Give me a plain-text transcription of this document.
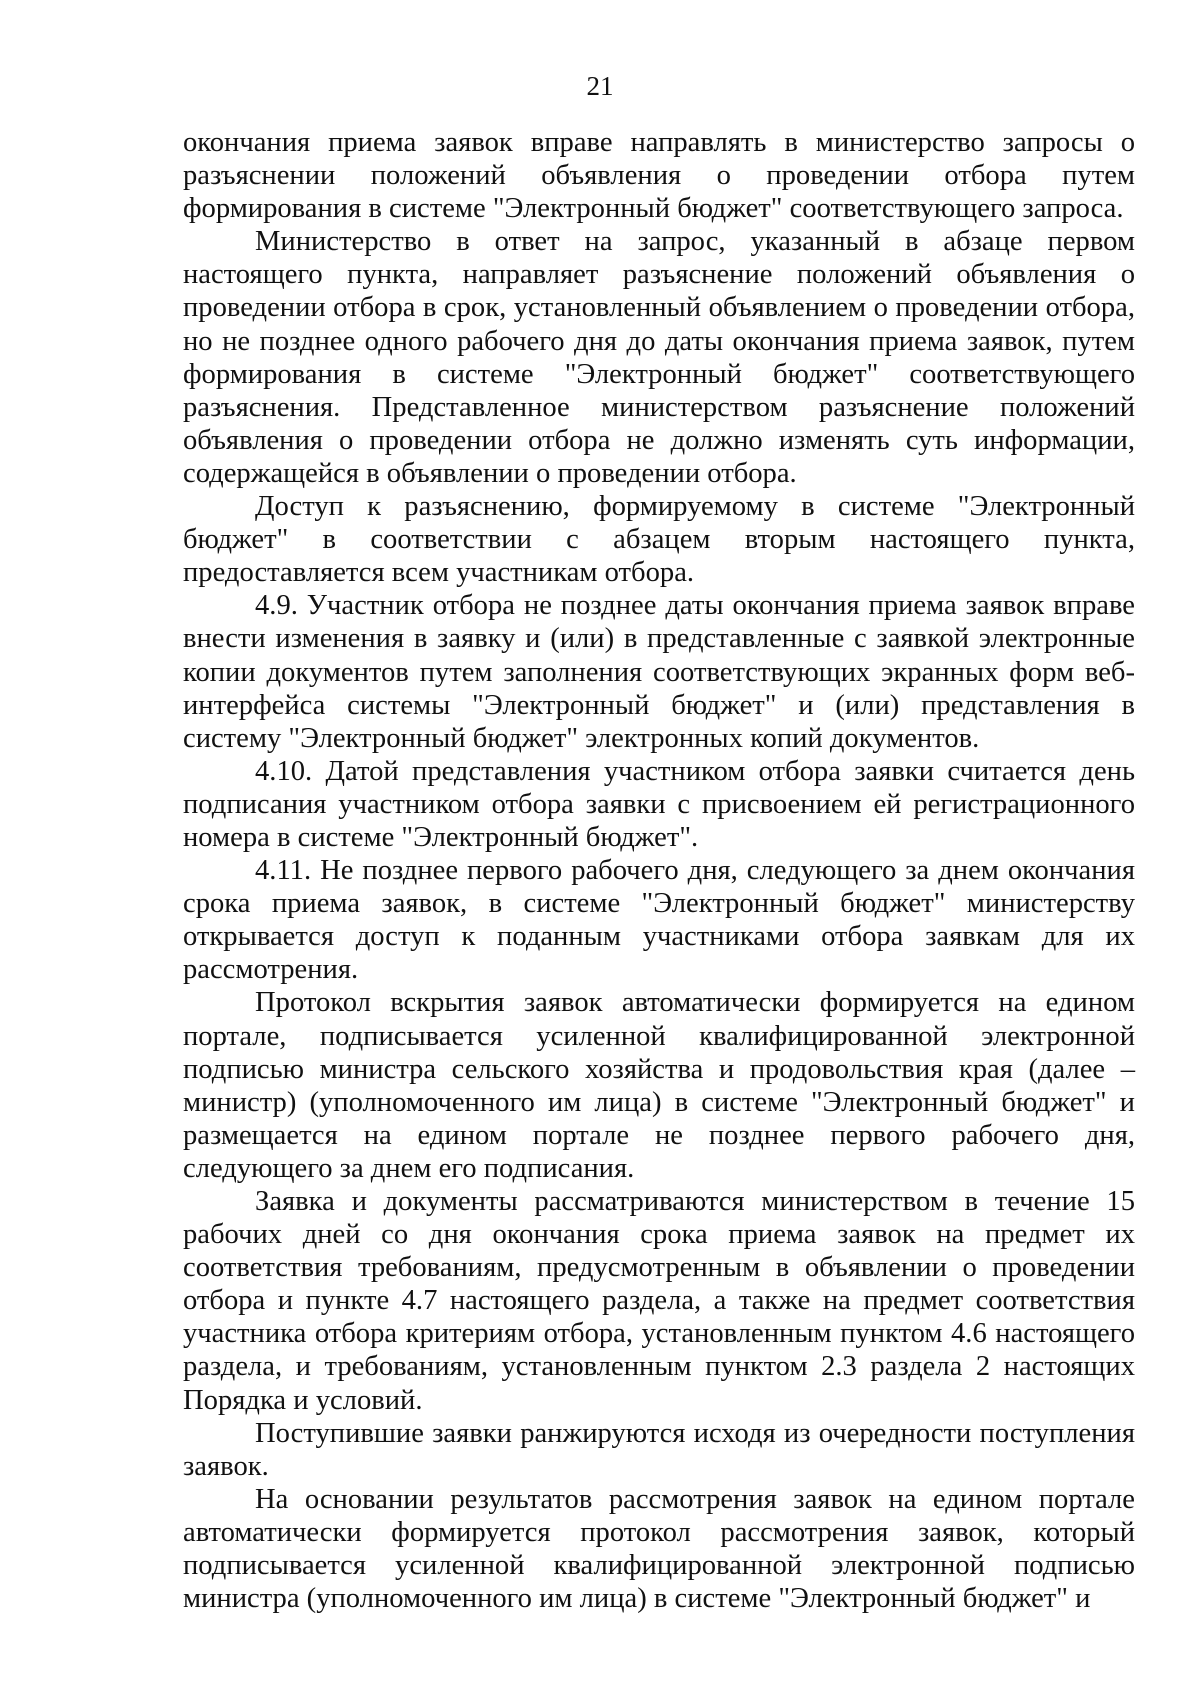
21

окончания приема заявок вправе направлять в министерство запросы о разъяснении положений объявления о проведении отбора путем формирования в системе "Электронный бюджет" соответствующего запроса.

Министерство в ответ на запрос, указанный в абзаце первом настоящего пункта, направляет разъяснение положений объявления о проведении отбора в срок, установленный объявлением о проведении отбора, но не позднее одного рабочего дня до даты окончания приема заявок, путем формирования в системе "Электронный бюджет" соответствующего разъяснения. Представленное министерством разъяснение положений объявления о проведении отбора не должно изменять суть информации, содержащейся в объявлении о проведении отбора.

Доступ к разъяснению, формируемому в системе "Электронный бюджет" в соответствии с абзацем вторым настоящего пункта, предоставляется всем участникам отбора.

4.9. Участник отбора не позднее даты окончания приема заявок вправе внести изменения в заявку и (или) в представленные с заявкой электронные копии документов путем заполнения соответствующих экранных форм веб-интерфейса системы "Электронный бюджет" и (или) представления в систему "Электронный бюджет" электронных копий документов.

4.10. Датой представления участником отбора заявки считается день подписания участником отбора заявки с присвоением ей регистрационного номера в системе "Электронный бюджет".

4.11. Не позднее первого рабочего дня, следующего за днем окончания срока приема заявок, в системе "Электронный бюджет" министерству открывается доступ к поданным участниками отбора заявкам для их рассмотрения.

Протокол вскрытия заявок автоматически формируется на едином портале, подписывается усиленной квалифицированной электронной подписью министра сельского хозяйства и продовольствия края (далее – министр) (уполномоченного им лица) в системе "Электронный бюджет" и размещается на едином портале не позднее первого рабочего дня, следующего за днем его подписания.

Заявка и документы рассматриваются министерством в течение 15 рабочих дней со дня окончания срока приема заявок на предмет их соответствия требованиям, предусмотренным в объявлении о проведении отбора и пункте 4.7 настоящего раздела, а также на предмет соответствия участника отбора критериям отбора, установленным пунктом 4.6 настоящего раздела, и требованиям, установленным пунктом 2.3 раздела 2 настоящих Порядка и условий.

Поступившие заявки ранжируются исходя из очередности поступления заявок.

На основании результатов рассмотрения заявок на едином портале автоматически формируется протокол рассмотрения заявок, который подписывается усиленной квалифицированной электронной подписью министра (уполномоченного им лица) в системе "Электронный бюджет" и
